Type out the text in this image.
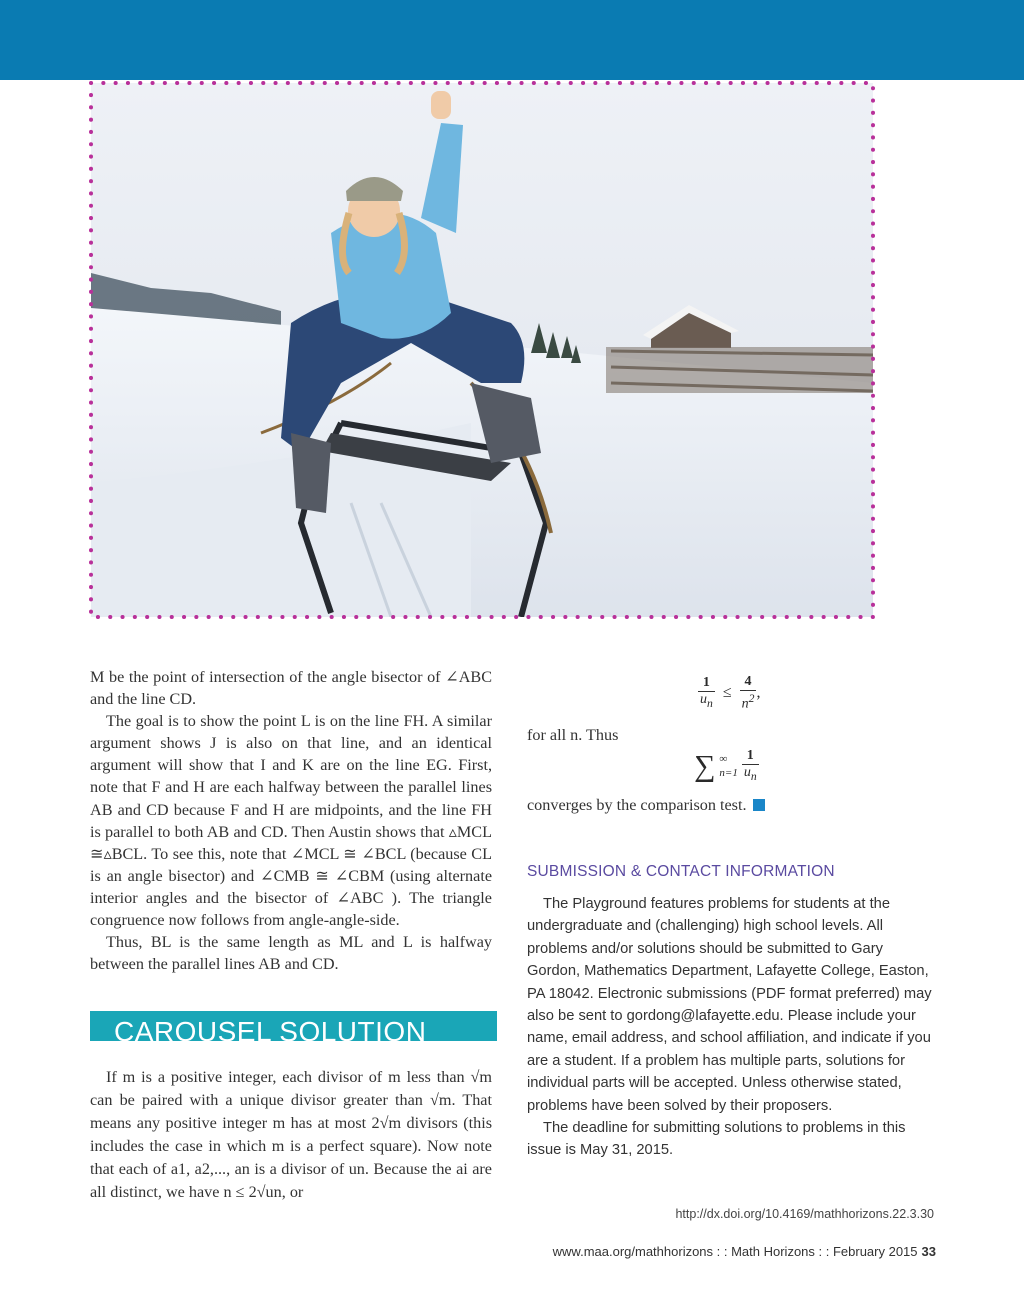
M be the point of intersection of the angle bisector of ∠ABC and the line CD.

The goal is to show the point L is on the line FH. A similar argument shows J is also on that line, and an identical argument will show that I and K are on the line EG. First, note that F and H are each halfway between the parallel lines AB and CD because F and H are midpoints, and the line FH is parallel to both AB and CD. Then Austin shows that ▵MCL ≅▵BCL. To see this, note that ∠MCL ≅ ∠BCL (because CL is an angle bisector) and ∠CMB ≅ ∠CBM (using alternate interior angles and the bisector of ∠ABC ). The triangle congruence now follows from angle-angle-side.

Thus, BL is the same length as ML and L is halfway between the parallel lines AB and CD.

CAROUSEL SOLUTION

If m is a positive integer, each divisor of m less than √m can be paired with a unique divisor greater than √m. That means any positive integer m has at most 2√m divisors (this includes the case in which m is a perfect square). Now note that each of a1, a2,..., an is a divisor of un. Because the ai are all distinct, we have n ≤ 2√un, or

$\frac{1}{u_n} \le \frac{4}{n^2}$ ,
for all n. Thus
∑ ∞
$n=1 \frac{1}{u_n}$
converges by the comparison test.
SUBMISSION & CONTACT INFORMATION

The Playground features problems for students at the undergraduate and (challenging) high school levels. All problems and/or solutions should be submitted to Gary Gordon, Mathematics Department, Lafayette College, Easton, PA 18042. Electronic submissions (PDF format preferred) may also be sent to gordong@lafayette.edu. Please include your name, email address, and school affiliation, and indicate if you are a student. If a problem has multiple parts, solutions for individual parts will be accepted. Unless otherwise stated, problems have been solved by their proposers.

The deadline for submitting solutions to problems in this issue is May 31, 2015.

http://dx.doi.org/10.4169/mathhorizons.22.3.30
www.maa.org/mathhorizons : : Math Horizons : : February 2015 33
